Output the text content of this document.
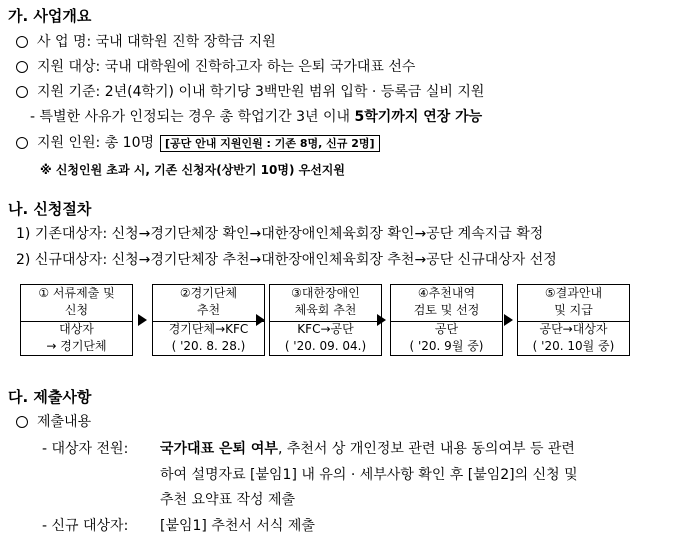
가. 사업개요
사 업 명: 국내 대학원 진학 장학금 지원
지원 대상: 국내 대학원에 진학하고자 하는 은퇴 국가대표 선수
지원 기준: 2년(4학기) 이내 학기당 3백만원 범위 입학 · 등록금 실비 지원
- 특별한 사유가 인정되는 경우 총 학업기간 3년 이내 5학기까지 연장 가능
지원 인원: 총 10명 [공단 안내 지원인원 : 기존 8명, 신규 2명]
※ 신청인원 초과 시, 기존 신청자(상반기 10명) 우선지원
나. 신청절차
1) 기존대상자: 신청→경기단체장 확인→대한장애인체육회장 확인→공단 계속지급 확정
2) 신규대상자: 신청→경기단체장 추천→대한장애인체육회장 추천→공단 신규대상자 선정
① 서류제출 및
신청
대상자
→ 경기단체
②경기단체
추천
경기단체→KFC
( '20. 8. 28.)
③대한장애인
체육회 추천
KFC→공단
( '20. 09. 04.)
④추천내역
검토 및 선정
공단
( '20. 9월 중)
⑤결과안내
및 지급
공단→대상자
( '20. 10월 중)
다. 제출사항
제출내용
- 대상자 전원: 국가대표 은퇴 여부, 추천서 상 개인정보 관련 내용 동의여부 등 관련
하여 설명자료 [붙임1] 내 유의 · 세부사항 확인 후 [붙임2]의 신청 및
추천 요약표 작성 제출
- 신규 대상자: [붙임1] 추천서 서식 제출
